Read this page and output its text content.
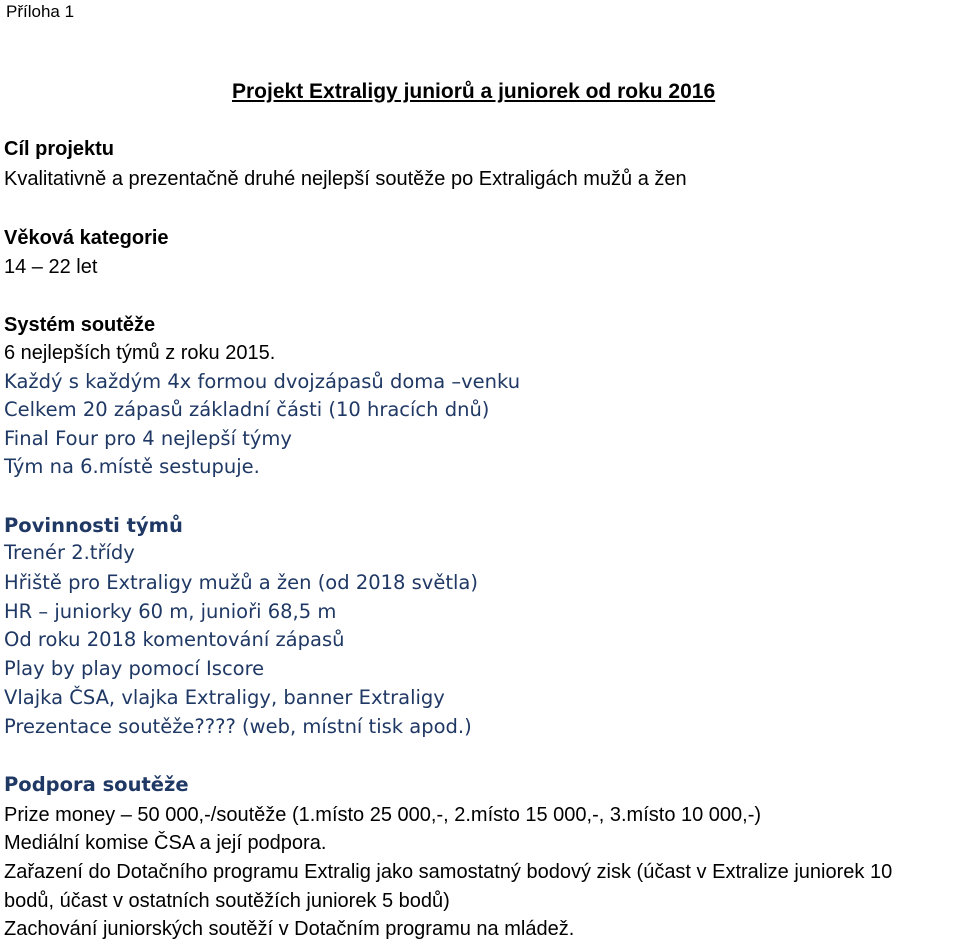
Příloha 1
Projekt Extraligy juniorů a juniorek od roku 2016
Cíl projektu
Kvalitativně a prezentačně druhé nejlepší soutěže po Extraligách mužů a žen
Věková kategorie
14 – 22 let
Systém soutěže
6 nejlepších týmů z roku 2015.
Každý s každým 4x formou dvojzápasů doma –venku
Celkem 20 zápasů základní části (10 hracích dnů)
Final Four pro 4 nejlepší týmy
Tým na 6.místě sestupuje.
Povinnosti týmů
Trenér 2.třídy
Hřiště pro Extraligy mužů a žen (od 2018 světla)
HR – juniorky 60 m, junioři 68,5 m
Od roku 2018 komentování zápasů
Play by play pomocí Iscore
Vlajka ČSA, vlajka Extraligy, banner Extraligy
Prezentace soutěže???? (web, místní tisk apod.)
Podpora soutěže
Prize money – 50 000,-/soutěže (1.místo 25 000,-, 2.místo 15 000,-, 3.místo 10 000,-)
Mediální komise ČSA a její podpora.
Zařazení do Dotačního programu Extralig jako samostatný bodový zisk (účast v Extralize juniorek 10
bodů, účast v ostatních soutěžích juniorek 5 bodů)
Zachování juniorských soutěží v Dotačním programu na mládež.
